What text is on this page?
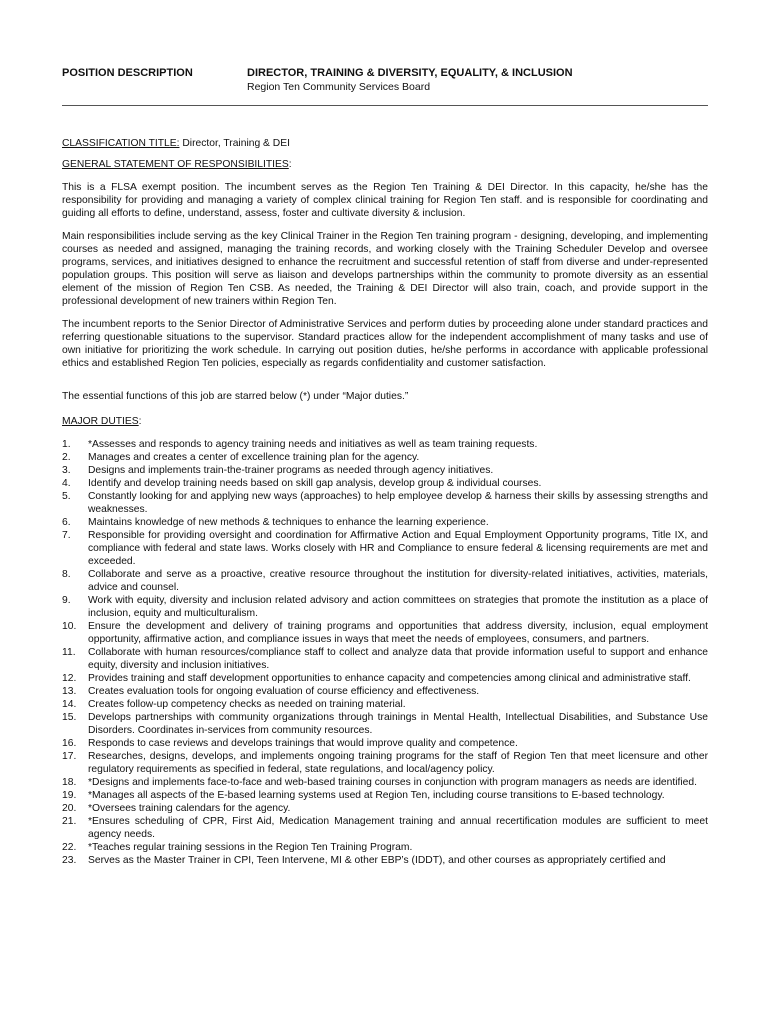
POSITION DESCRIPTION	DIRECTOR, TRAINING & DIVERSITY, EQUALITY, & INCLUSION
Region Ten Community Services Board
CLASSIFICATION TITLE: Director, Training & DEI
GENERAL STATEMENT OF RESPONSIBILITIES:

This is a FLSA exempt position. The incumbent serves as the Region Ten Training & DEI Director. In this capacity, he/she has the responsibility for providing and managing a variety of complex clinical training for Region Ten staff. and is responsible for coordinating and guiding all efforts to define, understand, assess, foster and cultivate diversity & inclusion.

Main responsibilities include serving as the key Clinical Trainer in the Region Ten training program - designing, developing, and implementing courses as needed and assigned, managing the training records, and working closely with the Training Scheduler Develop and oversee programs, services, and initiatives designed to enhance the recruitment and successful retention of staff from diverse and under-represented population groups. This position will serve as liaison and develops partnerships within the community to promote diversity as an essential element of the mission of Region Ten CSB. As needed, the Training & DEI Director will also train, coach, and provide support in the professional development of new trainers within Region Ten.

The incumbent reports to the Senior Director of Administrative Services and perform duties by proceeding alone under standard practices and referring questionable situations to the supervisor. Standard practices allow for the independent accomplishment of many tasks and use of own initiative for prioritizing the work schedule. In carrying out position duties, he/she performs in accordance with applicable professional ethics and established Region Ten policies, especially as regards confidentiality and customer satisfaction.

The essential functions of this job are starred below (*) under “Major duties.”

MAJOR DUTIES:
1.	*Assesses and responds to agency training needs and initiatives as well as team training requests.
2.	Manages and creates a center of excellence training plan for the agency.
3.	Designs and implements train-the-trainer programs as needed through agency initiatives.
4.	Identify and develop training needs based on skill gap analysis, develop group & individual courses.
5.	Constantly looking for and applying new ways (approaches) to help employee develop & harness their skills by assessing strengths and weaknesses.
6.	Maintains knowledge of new methods & techniques to enhance the learning experience.
7.	Responsible for providing oversight and coordination for Affirmative Action and Equal Employment Opportunity programs, Title IX, and compliance with federal and state laws. Works closely with HR and Compliance to ensure federal & licensing requirements are met and exceeded.
8.	Collaborate and serve as a proactive, creative resource throughout the institution for diversity-related initiatives, activities, materials, advice and counsel.
9.	Work with equity, diversity and inclusion related advisory and action committees on strategies that promote the institution as a place of inclusion, equity and multiculturalism.
10.	Ensure the development and delivery of training programs and opportunities that address diversity, inclusion, equal employment opportunity, affirmative action, and compliance issues in ways that meet the needs of employees, consumers, and partners.
11.	Collaborate with human resources/compliance staff to collect and analyze data that provide information useful to support and enhance equity, diversity and inclusion initiatives.
12.	Provides training and staff development opportunities to enhance capacity and competencies among clinical and administrative staff.
13.	Creates evaluation tools for ongoing evaluation of course efficiency and effectiveness.
14.	Creates follow-up competency checks as needed on training material.
15.	Develops partnerships with community organizations through trainings in Mental Health, Intellectual Disabilities, and Substance Use Disorders. Coordinates in-services from community resources.
16.	Responds to case reviews and develops trainings that would improve quality and competence.
17.	Researches, designs, develops, and implements ongoing training programs for the staff of Region Ten that meet licensure and other regulatory requirements as specified in federal, state regulations, and local/agency policy.
18.	*Designs and implements face-to-face and web-based training courses in conjunction with program managers as needs are identified.
19.	*Manages all aspects of the E-based learning systems used at Region Ten, including course transitions to E-based technology.
20.	*Oversees training calendars for the agency.
21.	*Ensures scheduling of CPR, First Aid, Medication Management training and annual recertification modules are sufficient to meet agency needs.
22.	*Teaches regular training sessions in the Region Ten Training Program.
23.	Serves as the Master Trainer in CPI, Teen Intervene, MI & other EBP’s (IDDT), and other courses as appropriately certified and
